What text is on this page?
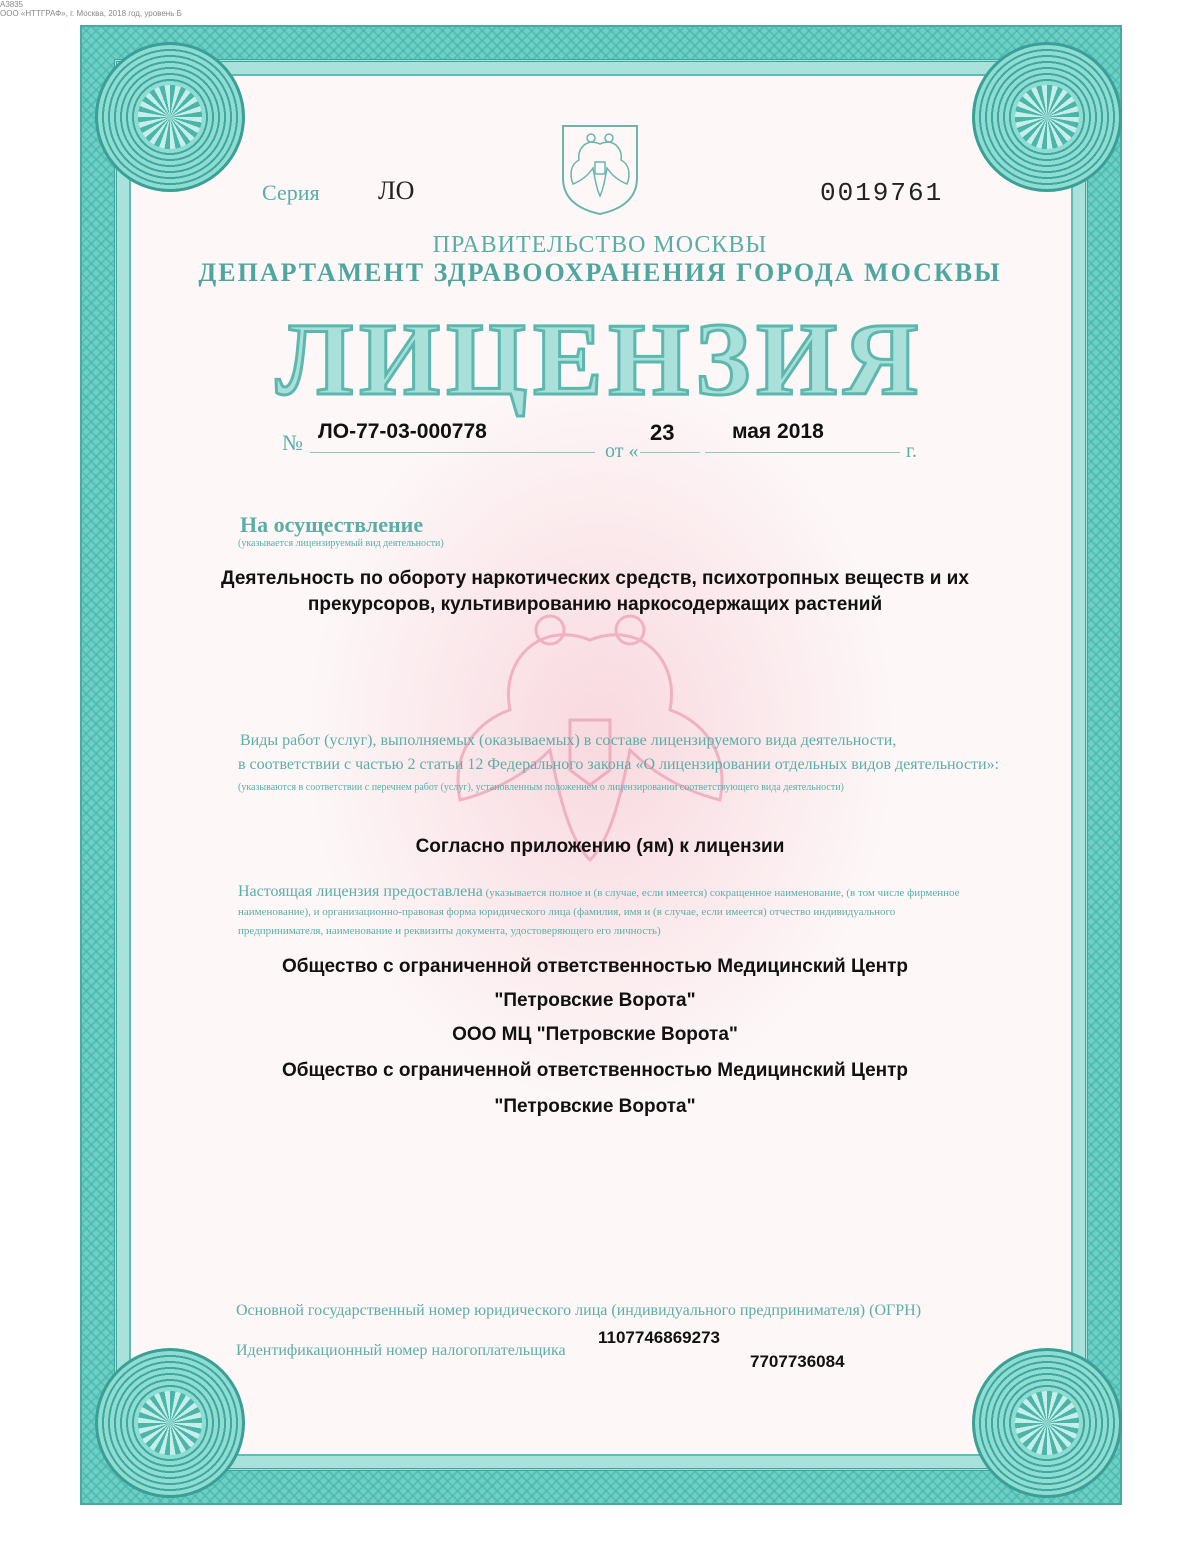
Серия ЛО	0019761
ПРАВИТЕЛЬСТВО МОСКВЫ
ДЕПАРТАМЕНТ ЗДРАВООХРАНЕНИЯ ГОРОДА МОСКВЫ
ЛИЦЕНЗИЯ
№ ЛО-77-03-000778
от «
23	мая 2018
г.
На осуществление
(указывается лицензируемый вид деятельности)
Деятельность по обороту наркотических средств, психотропных веществ и их прекурсоров, культивированию наркосодержащих растений
Виды работ (услуг), выполняемых (оказываемых) в составе лицензируемого вида деятельности,
в соответствии с частью 2 статьи 12 Федерального закона «О лицензировании отдельных видов деятельности»:
(указываются в соответствии с перечнем работ (услуг), установленным положением о лицензировании соответствующего вида деятельности)
Согласно приложению (ям) к лицензии
Настоящая лицензия предоставлена (указывается полное и (в случае, если имеется) сокращенное наименование, (в том числе фирменное наименование), и организационно-правовая форма юридического лица (фамилия, имя и (в случае, если имеется) отчество индивидуального предпринимателя, наименование и реквизиты документа, удостоверяющего его личность)
Общество с ограниченной ответственностью Медицинский Центр
"Петровские Ворота"
ООО МЦ "Петровские Ворота"
Общество с ограниченной ответственностью Медицинский Центр
"Петровские Ворота"
Основной государственный номер юридического лица (индивидуального предпринимателя) (ОГРН)
1107746869273
Идентификационный номер налогоплательщика
7707736084
А3835
ООО «НТТГРАФ», г. Москва, 2018 год, уровень Б
